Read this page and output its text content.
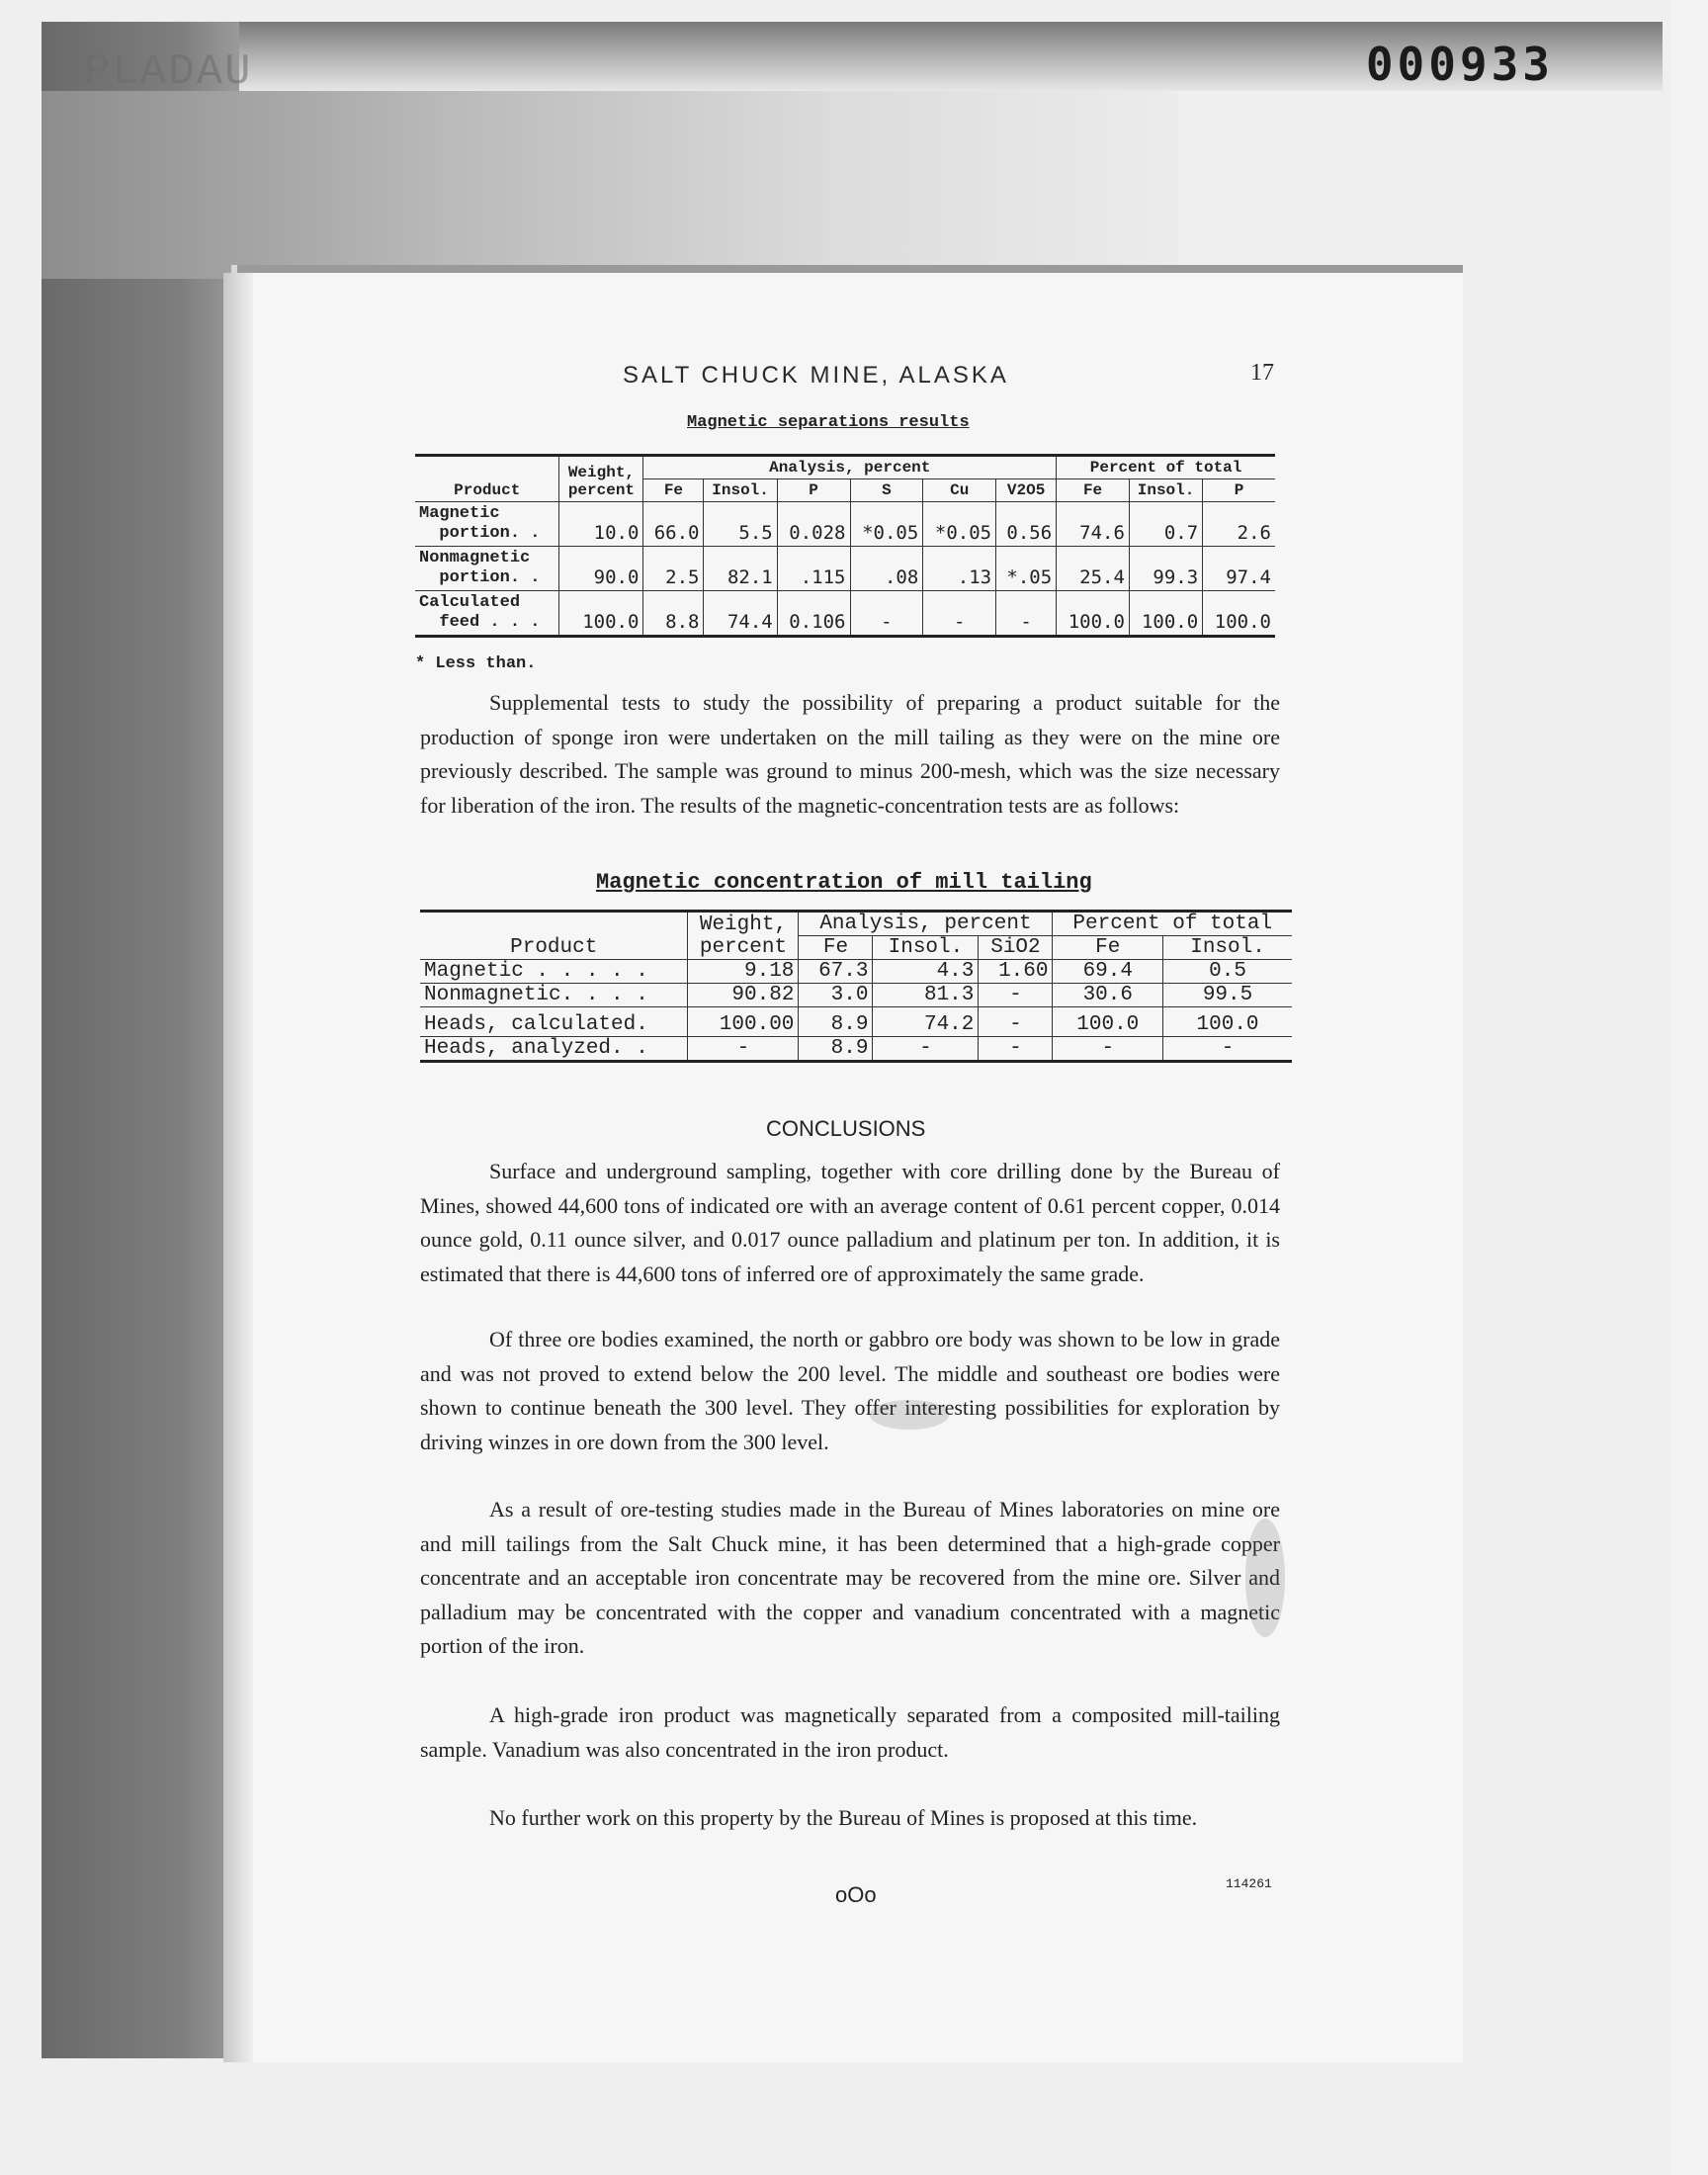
PLADAU	000933
SALT CHUCK MINE, ALASKA	17
Magnetic separations results
Product	Weight,
percent	Analysis, percent						Percent of total		
		Fe	Insol.	P	S	Cu	V2O5	Fe	Insol.	P
Magnetic
portion. .	10.0	66.0	5.5	0.028	*0.05	*0.05	0.56	74.6	0.7	2.6
Nonmagnetic
portion. .	90.0	2.5	82.1	.115	.08	.13	*.05	25.4	99.3	97.4
Calculated
feed . . .	100.0	8.8	74.4	0.106	-	-	-	100.0	100.0	100.0
* Less than.
Supplemental tests to study the possibility of preparing a product suitable for the production of sponge iron were undertaken on the mill tailing as they were on the mine ore previously described. The sample was ground to minus 200-mesh, which was the size necessary for liberation of the iron. The results of the magnetic-concentration tests are as follows:
Magnetic concentration of mill tailing
Product	Weight,
percent	Analysis, percent			Percent of total	
		Fe	Insol.	SiO2	Fe	Insol.
Magnetic . . . . .	9.18	67.3	4.3	1.60	69.4	0.5
Nonmagnetic. . . .	90.82	3.0	81.3	-	30.6	99.5
Heads, calculated.	100.00	8.9	74.2	-	100.0	100.0
Heads, analyzed. .	-	8.9	-	-	-	-
CONCLUSIONS
Surface and underground sampling, together with core drilling done by the Bureau of Mines, showed 44,600 tons of indicated ore with an average content of 0.61 percent copper, 0.014 ounce gold, 0.11 ounce silver, and 0.017 ounce palladium and platinum per ton. In addition, it is estimated that there is 44,600 tons of inferred ore of approximately the same grade.
Of three ore bodies examined, the north or gabbro ore body was shown to be low in grade and was not proved to extend below the 200 level. The middle and southeast ore bodies were shown to continue beneath the 300 level. They offer interesting possibilities for exploration by driving winzes in ore down from the 300 level.
As a result of ore-testing studies made in the Bureau of Mines laboratories on mine ore and mill tailings from the Salt Chuck mine, it has been determined that a high-grade copper concentrate and an acceptable iron concentrate may be recovered from the mine ore. Silver and palladium may be concentrated with the copper and vanadium concentrated with a magnetic portion of the iron.
A high-grade iron product was magnetically separated from a composited mill-tailing sample. Vanadium was also concentrated in the iron product.
No further work on this property by the Bureau of Mines is proposed at this time.
oOo	114261
